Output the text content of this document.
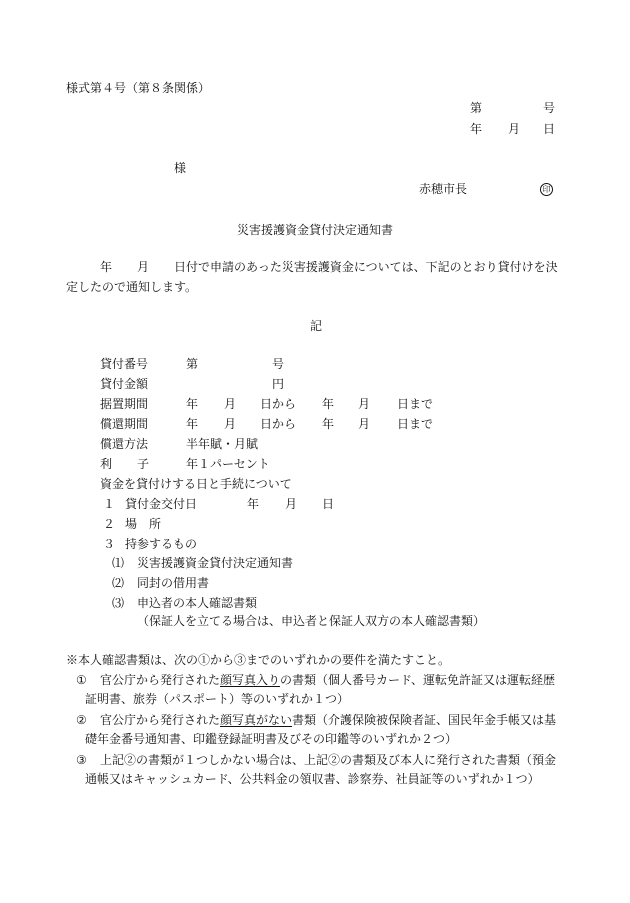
様式第４号（第８条関係）
第	号
年 月 日
様
赤穂市長	印
災害援護資金貸付決定通知書
年 月 日付で申請のあった災害援護資金については、下記のとおり貸付けを決
定したので通知します。
記
貸付番号	第	号
貸付金額	円
据置期間	年 月 日から 年 月 日まで
償還期間	年 月 日から 年 月 日まで
償還方法	半年賦・月賦
利 子	年１パーセント
資金を貸付けする日と手続について
１ 貸付金交付日	年 月 日
２ 場　所
３ 持参するもの
⑴ 災害援護資金貸付決定通知書
⑵ 同封の借用書
⑶ 申込者の本人確認書類
（保証人を立てる場合は、申込者と保証人双方の本人確認書類）
※本人確認書類は、次の①から③までのいずれかの要件を満たすこと。
① 官公庁から発行された顔写真入りの書類（個人番号カード、運転免許証又は運転経歴
証明書、旅券（パスポート）等のいずれか１つ）
② 官公庁から発行された顔写真がない書類（介護保険被保険者証、国民年金手帳又は基
礎年金番号通知書、印鑑登録証明書及びその印鑑等のいずれか２つ）
③ 上記②の書類が１つしかない場合は、上記②の書類及び本人に発行された書類（預金
通帳又はキャッシュカード、公共料金の領収書、診察券、社員証等のいずれか１つ）
